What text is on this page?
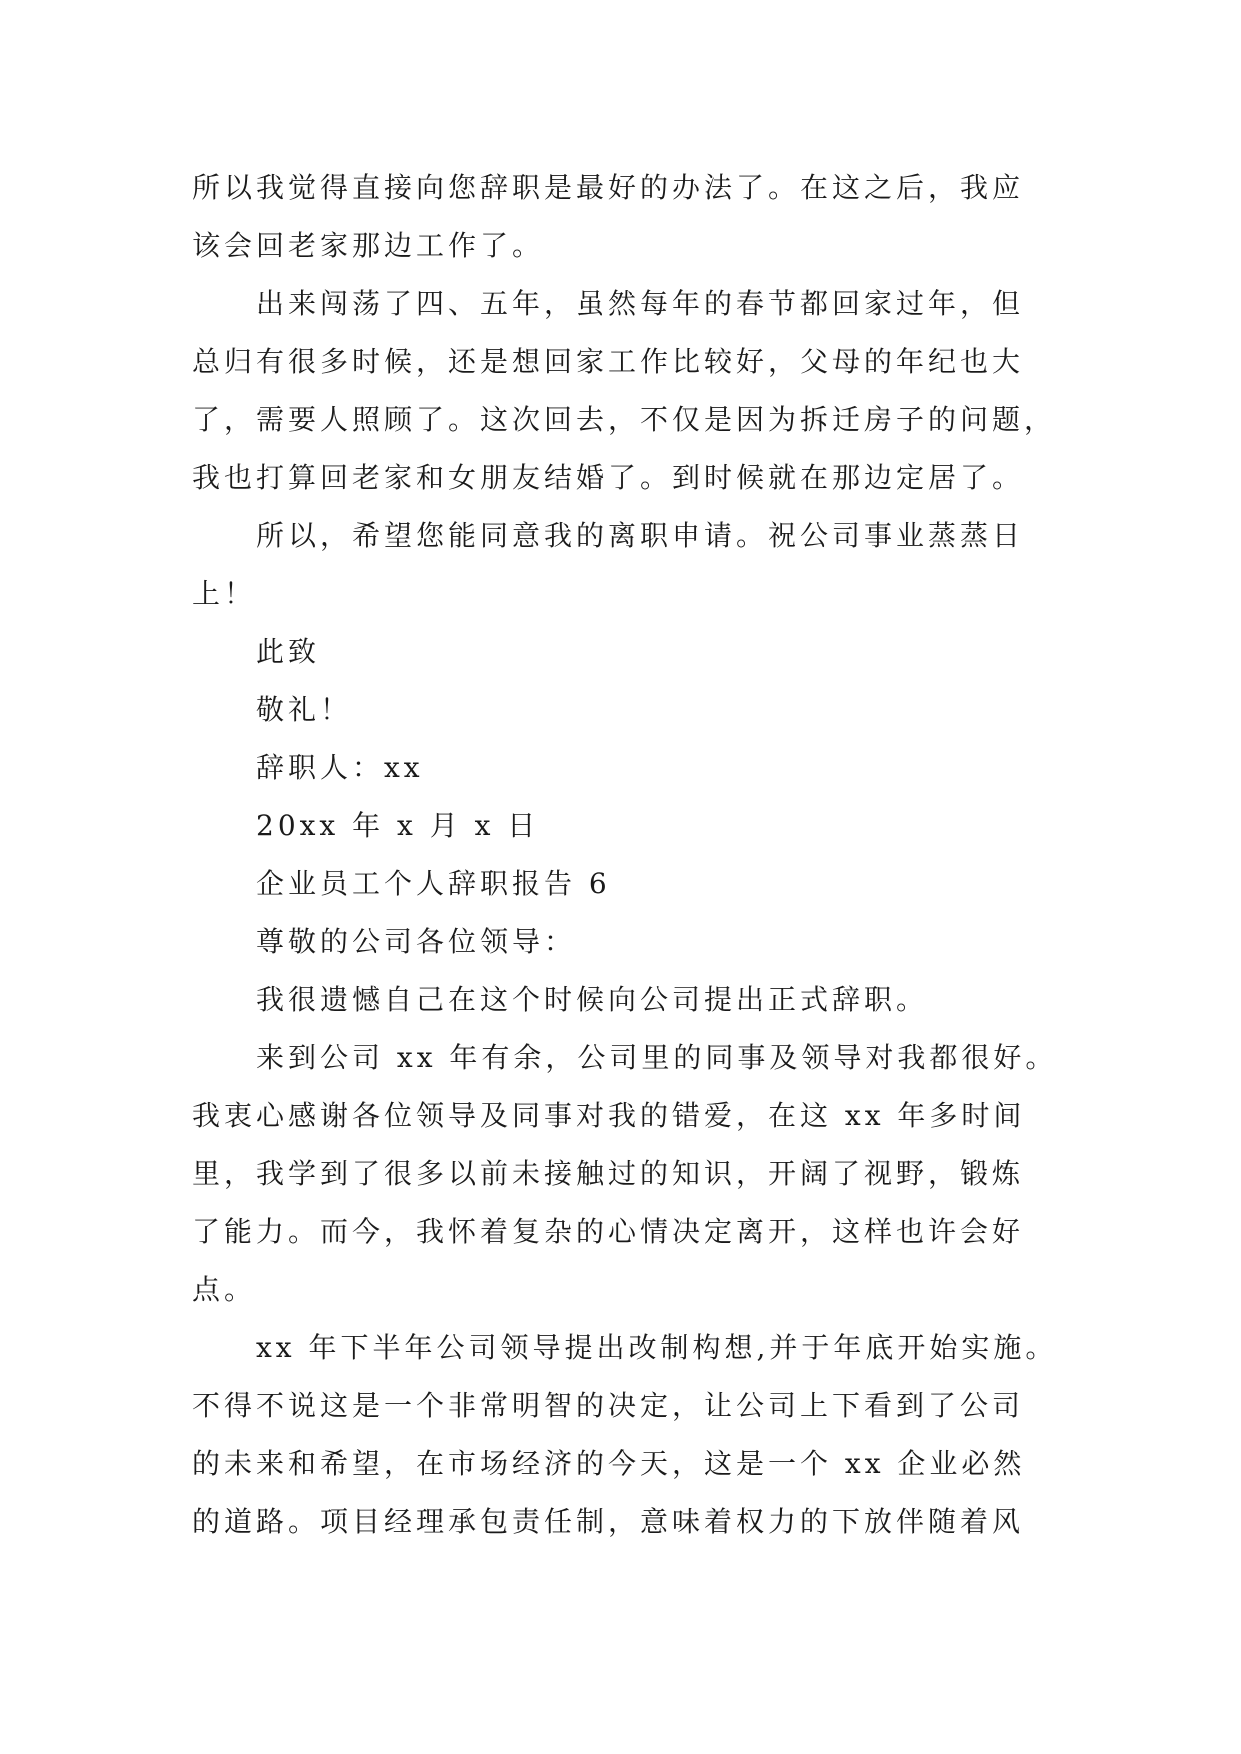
所以我觉得直接向您辞职是最好的办法了。在这之后，我应
该会回老家那边工作了。
出来闯荡了四、五年，虽然每年的春节都回家过年，但
总归有很多时候，还是想回家工作比较好，父母的年纪也大
了，需要人照顾了。这次回去，不仅是因为拆迁房子的问题，
我也打算回老家和女朋友结婚了。到时候就在那边定居了。
所以，希望您能同意我的离职申请。祝公司事业蒸蒸日
上！
此致
敬礼！
辞职人：xx
20xx 年 x 月 x 日
企业员工个人辞职报告 6
尊敬的公司各位领导：
我很遗憾自己在这个时候向公司提出正式辞职。
来到公司 xx 年有余，公司里的同事及领导对我都很好。
我衷心感谢各位领导及同事对我的错爱，在这 xx 年多时间
里，我学到了很多以前未接触过的知识，开阔了视野，锻炼
了能力。而今，我怀着复杂的心情决定离开，这样也许会好
点。
xx 年下半年公司领导提出改制构想,并于年底开始实施。
不得不说这是一个非常明智的决定，让公司上下看到了公司
的未来和希望，在市场经济的今天，这是一个 xx 企业必然
的道路。项目经理承包责任制，意味着权力的下放伴随着风
